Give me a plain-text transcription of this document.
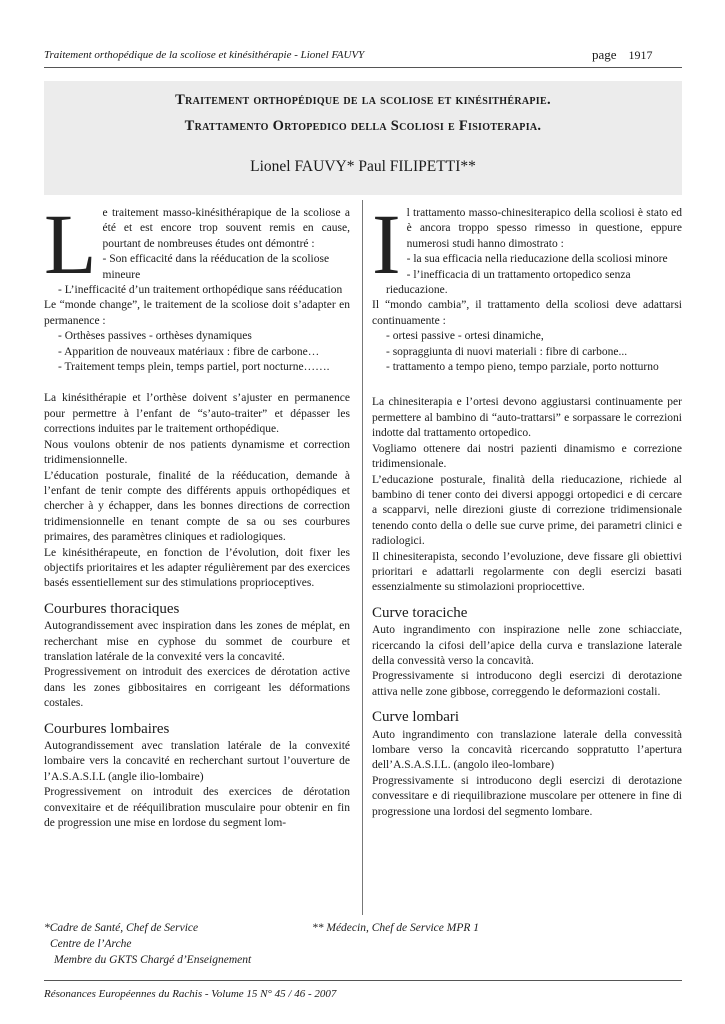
Traitement orthopédique de la scoliose et kinésithérapie - Lionel FAUVY	page 1917
Traitement orthopédique de la scoliose et kinésithérapie.
Trattamento Ortopedico della Scoliosi e Fisioterapia.
Lionel FAUVY* Paul FILIPETTI**

Le traitement masso-kinésithérapique de la scoliose a été et est encore trop souvent remis en cause, pourtant de nombreuses études ont démontré :

- Son efficacité dans la rééducation de la scoliose mineure

- L’inefficacité d’un traitement orthopédique sans rééducation

Le “monde change”, le traitement de la scoliose doit s’adapter en permanence :

- Orthèses passives - orthèses dynamiques

- Apparition de nouveaux matériaux : fibre de carbone…

- Traitement temps plein, temps partiel, port nocturne…….

La kinésithérapie et l’orthèse doivent s’ajuster en permanence pour permettre à l’enfant de “s’auto-traiter” et dépasser les corrections induites par le traitement orthopédique.

Nous voulons obtenir de nos patients dynamisme et correction tridimensionnelle.

L’éducation posturale, finalité de la rééducation, demande à l’enfant de tenir compte des différents appuis orthopédiques et chercher à y échapper, dans les bonnes directions de correction tridimensionnelle en tenant compte de sa ou ses courbures primaires, des paramètres cliniques et radiologiques.

Le kinésithérapeute, en fonction de l’évolution, doit fixer les objectifs prioritaires et les adapter régulièrement par des exercices basés essentiellement sur des stimulations proprioceptives.

Courbures thoraciques

Autograndissement avec inspiration dans les zones de méplat, en recherchant mise en cyphose du sommet de courbure et translation latérale de la convexité vers la concavité.

Progressivement on introduit des exercices de dérotation active dans les zones gibbositaires en corrigeant les déformations costales.

Courbures lombaires

Autograndissement avec translation latérale de la convexité lombaire vers la concavité en recherchant surtout l’ouverture de l’A.S.A.S.I.L (angle ilio-lombaire)

Progressivement on introduit des exercices de dérotation convexitaire et de rééquilibration musculaire pour obtenir en fin de progression une mise en lordose du segment lom-

Il trattamento masso-chinesiterapico della scoliosi è stato ed è ancora troppo spesso rimesso in questione, eppure numerosi studi hanno dimostrato :

- la sua efficacia nella rieducazione della scoliosi minore

- l’inefficacia di un trattamento ortopedico senza rieducazione.

Il “mondo cambia”, il trattamento della scoliosi deve adattarsi continuamente :

- ortesi passive - ortesi dinamiche,

- sopraggiunta di nuovi materiali : fibre di carbone...

- trattamento a tempo pieno, tempo parziale, porto notturno

La chinesiterapia e l’ortesi devono aggiustarsi continuamente per permettere al bambino di “auto-trattarsi” e sorpassare le correzioni indotte dal trattamento ortopedico.

Vogliamo ottenere dai nostri pazienti dinamismo e correzione tridimensionale.

L’educazione posturale, finalità della rieducazione, richiede al bambino di tener conto dei diversi appoggi ortopedici e di cercare a scapparvi, nelle direzioni giuste di correzione tridimensionale tenendo conto della o delle sue curve prime, dei parametri clinici e radiologici.

Il chinesiterapista, secondo l’evoluzione, deve fissare gli obiettivi prioritari e adattarli regolarmente con degli esercizi basati essenzialmente su stimolazioni propriocettive.

Curve toraciche

Auto ingrandimento con inspirazione nelle zone schiacciate, ricercando la cifosi dell’apice della curva e translazione laterale della convessità verso la concavità.

Progressivamente si introducono degli esercizi di derotazione attiva nelle zone gibbose, correggendo le deformazioni costali.

Curve lombari

Auto ingrandimento con translazione laterale della convessità lombare verso la concavità ricercando soppratutto l’apertura dell’A.S.A.S.I.L. (angolo ileo-lombare)

Progressivamente si introducono degli esercizi di derotazione convessitare e di riequilibrazione muscolare per ottenere in fine di progressione una lordosi del segmento lombare.

*Cadre de Santé, Chef de Service
Centre de l’Arche
Membre du GKTS Chargé d’Enseignement
** Médecin, Chef de Service MPR 1
Résonances Européennes du Rachis - Volume 15 N° 45 / 46 - 2007
